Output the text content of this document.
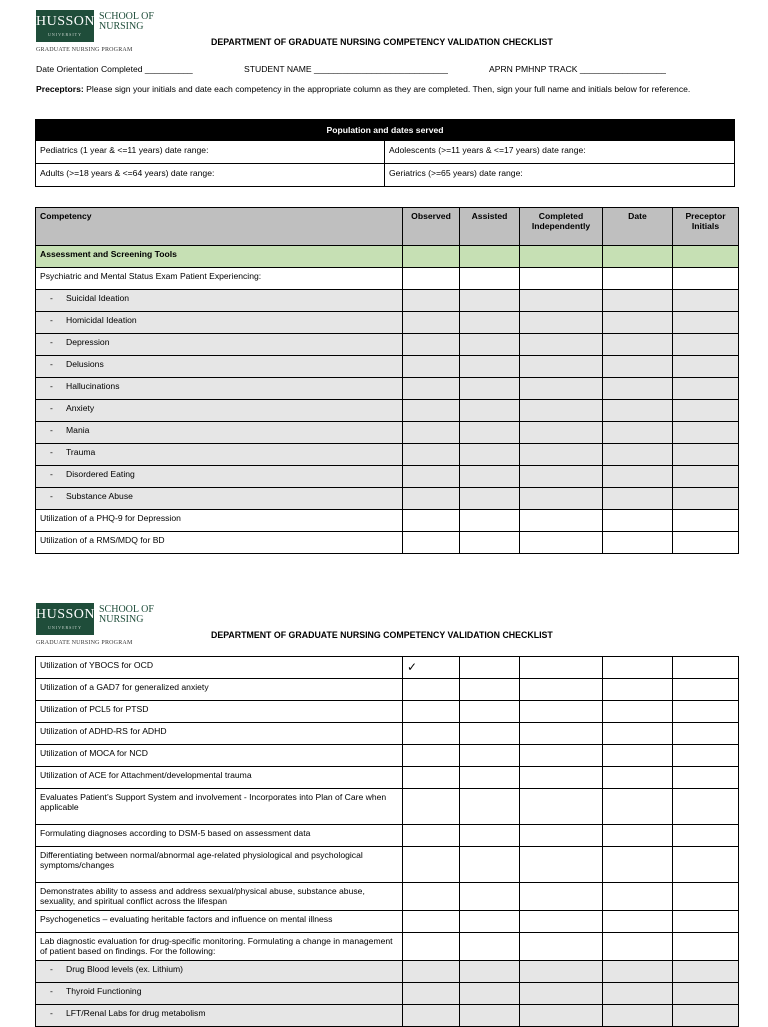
HUSSON
UNIVERSITY
SCHOOL OF
NURSING
GRADUATE NURSING PROGRAM
DEPARTMENT OF GRADUATE NURSING COMPETENCY VALIDATION CHECKLIST
Date Orientation Completed __________	STUDENT NAME ____________________________	APRN PMHNP TRACK __________________
Preceptors: Please sign your initials and date each competency in the appropriate column as they are completed. Then, sign your full name and initials below for reference.
Population and dates served	
Pediatrics (1 year & <=11 years) date range:	Adolescents (>=11 years & <=17 years) date range:
Adults (>=18 years & <=64 years) date range:	Geriatrics (>=65 years) date range:
Competency	Observed	Assisted	Completed Independently	Date	Preceptor Initials
Assessment and Screening Tools					
Psychiatric and Mental Status Exam Patient Experiencing:					
- Suicidal Ideation					
- Homicidal Ideation					
- Depression					
- Delusions					
- Hallucinations					
- Anxiety					
- Mania					
- Trauma					
- Disordered Eating					
- Substance Abuse					
Utilization of a PHQ-9 for Depression					
Utilization of a RMS/MDQ for BD					
HUSSON
UNIVERSITY
SCHOOL OF
NURSING
GRADUATE NURSING PROGRAM
DEPARTMENT OF GRADUATE NURSING COMPETENCY VALIDATION CHECKLIST
Utilization of YBOCS for OCD	✓				
Utilization of a GAD7 for generalized anxiety					
Utilization of PCL5 for PTSD					
Utilization of ADHD-RS for ADHD					
Utilization of MOCA for NCD					
Utilization of ACE for Attachment/developmental trauma					
Evaluates Patient’s Support System and involvement - Incorporates into Plan of Care when applicable					
Formulating diagnoses according to DSM-5 based on assessment data					
Differentiating between normal/abnormal age-related physiological and psychological symptoms/changes					
Demonstrates ability to assess and address sexual/physical abuse, substance abuse, sexuality, and spiritual conflict across the lifespan					
Psychogenetics – evaluating heritable factors and influence on mental illness					
Lab diagnostic evaluation for drug-specific monitoring. Formulating a change in management of patient based on findings. For the following:					
- Drug Blood levels (ex. Lithium)					
- Thyroid Functioning					
- LFT/Renal Labs for drug metabolism					
